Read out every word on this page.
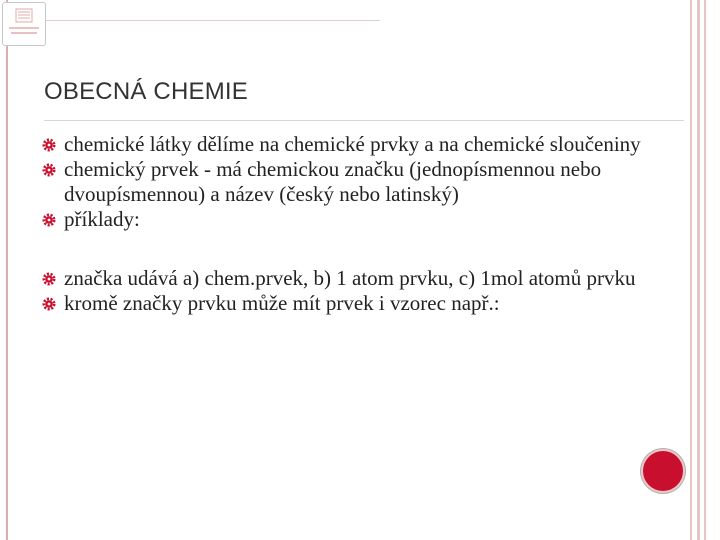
OBECNÁ CHEMIE
chemické látky dělíme na chemické prvky a na chemické sloučeniny
chemický prvek - má chemickou značku (jednopísmennou nebo dvoupísmennou) a název (český nebo latinský)
příklady:
značka udává a) chem.prvek, b) 1 atom prvku, c) 1mol atomů prvku
kromě značky prvku může mít prvek i vzorec např.:
